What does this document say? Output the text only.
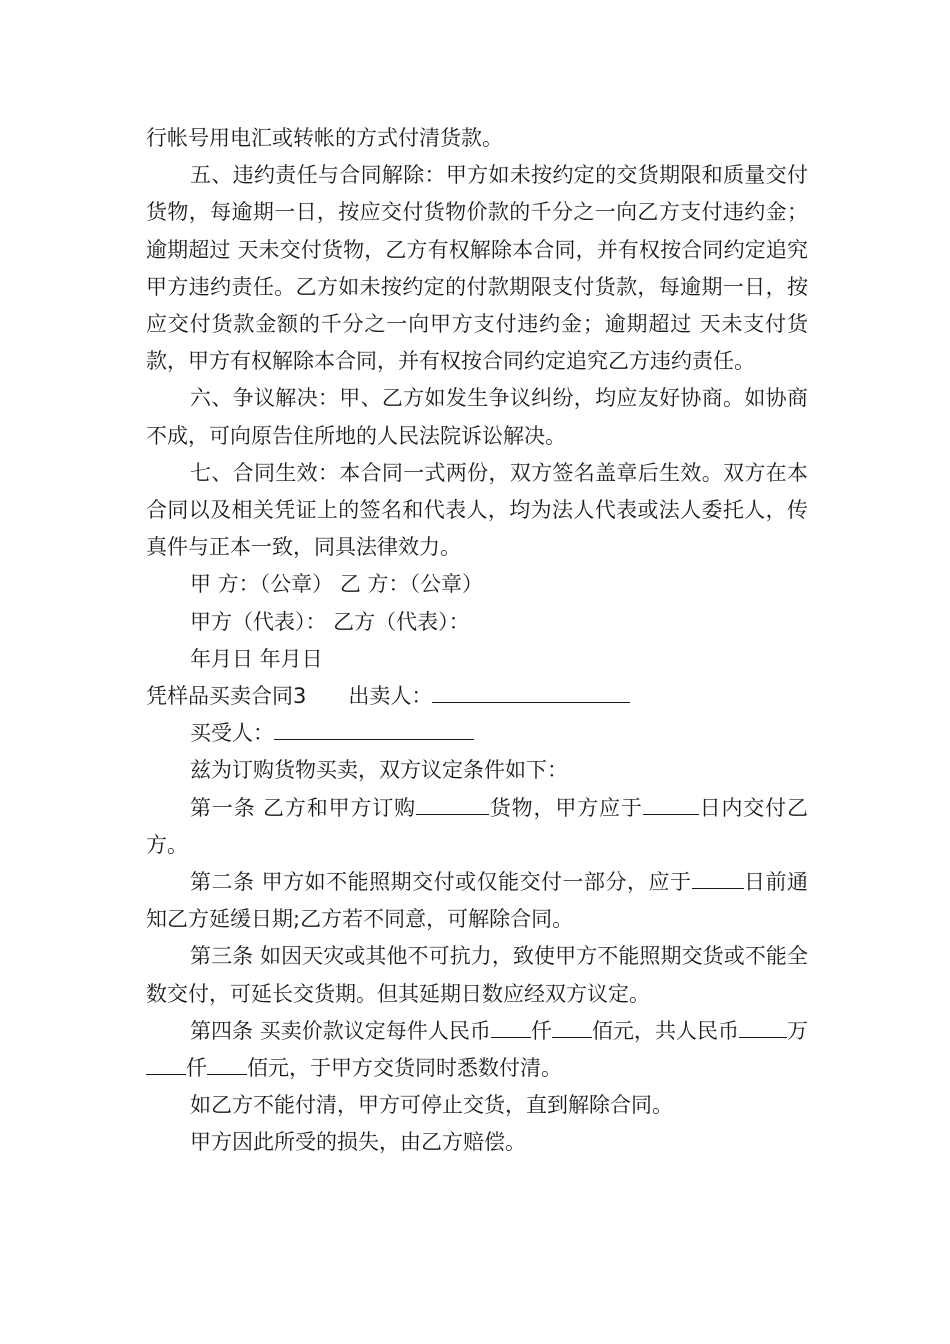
行帐号用电汇或转帐的方式付清货款。

五、违约责任与合同解除：甲方如未按约定的交货期限和质量交付货物，每逾期一日，按应交付货物价款的千分之一向乙方支付违约金；逾期超过 天未交付货物，乙方有权解除本合同，并有权按合同约定追究甲方违约责任。乙方如未按约定的付款期限支付货款，每逾期一日，按应交付货款金额的千分之一向甲方支付违约金；逾期超过 天未支付货款，甲方有权解除本合同，并有权按合同约定追究乙方违约责任。

六、争议解决：甲、乙方如发生争议纠纷，均应友好协商。如协商不成，可向原告住所地的人民法院诉讼解决。

七、合同生效：本合同一式两份，双方签名盖章后生效。双方在本合同以及相关凭证上的签名和代表人，均为法人代表或法人委托人，传真件与正本一致，同具法律效力。

甲 方：（公章） 乙 方：（公章）

甲方（代表）： 乙方（代表）：

年月日 年月日

凭样品买卖合同3 出卖人：

买受人：

兹为订购货物买卖，双方议定条件如下：

第一条 乙方和甲方订购	货物，甲方应于	日内交付乙方。

第二条 甲方如不能照期交付或仅能交付一部分，应于 日前通知乙方延缓日期;乙方若不同意，可解除合同。

第三条 如因天灾或其他不可抗力，致使甲方不能照期交货或不能全数交付，可延长交货期。但其延期日数应经双方议定。

第四条 买卖价款议定每件人民币 仟 佰元，共人民币 万仟 佰元，于甲方交货同时悉数付清。

如乙方不能付清，甲方可停止交货，直到解除合同。

甲方因此所受的损失，由乙方赔偿。
